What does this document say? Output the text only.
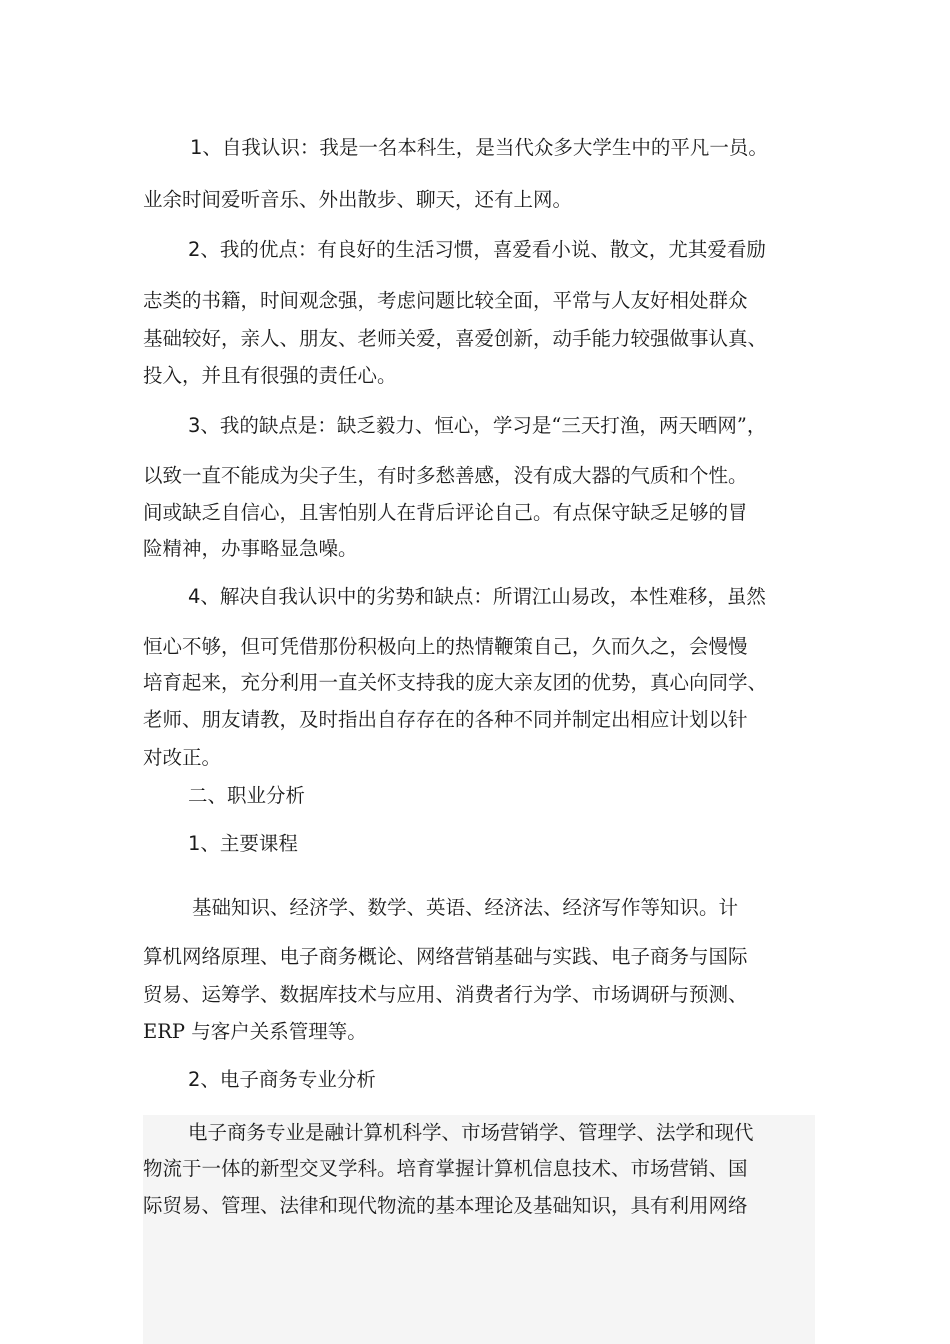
1、自我认识：我是一名本科生，是当代众多大学生中的平凡一员。
业余时间爱听音乐、外出散步、聊天，还有上网。
2、我的优点：有良好的生活习惯，喜爱看小说、散文，尤其爱看励
志类的书籍，时间观念强，考虑问题比较全面，平常与人友好相处群众
基础较好，亲人、朋友、老师关爱，喜爱创新，动手能力较强做事认真、
投入，并且有很强的责任心。
3、我的缺点是：缺乏毅力、恒心，学习是“三天打渔，两天晒网”，
以致一直不能成为尖子生，有时多愁善感，没有成大器的气质和个性。
间或缺乏自信心，且害怕别人在背后评论自己。有点保守缺乏足够的冒
险精神，办事略显急噪。
4、解决自我认识中的劣势和缺点：所谓江山易改，本性难移，虽然
恒心不够，但可凭借那份积极向上的热情鞭策自己，久而久之，会慢慢
培育起来，充分利用一直关怀支持我的庞大亲友团的优势，真心向同学、
老师、朋友请教，及时指出自存存在的各种不同并制定出相应计划以针
对改正。
二、职业分析
1、主要课程
基础知识、经济学、数学、英语、经济法、经济写作等知识。计
算机网络原理、电子商务概论、网络营销基础与实践、电子商务与国际
贸易、运筹学、数据库技术与应用、消费者行为学、市场调研与预测、
ERP 与客户关系管理等。
2、电子商务专业分析
电子商务专业是融计算机科学、市场营销学、管理学、法学和现代
物流于一体的新型交叉学科。培育掌握计算机信息技术、市场营销、国
际贸易、管理、法律和现代物流的基本理论及基础知识，具有利用网络
